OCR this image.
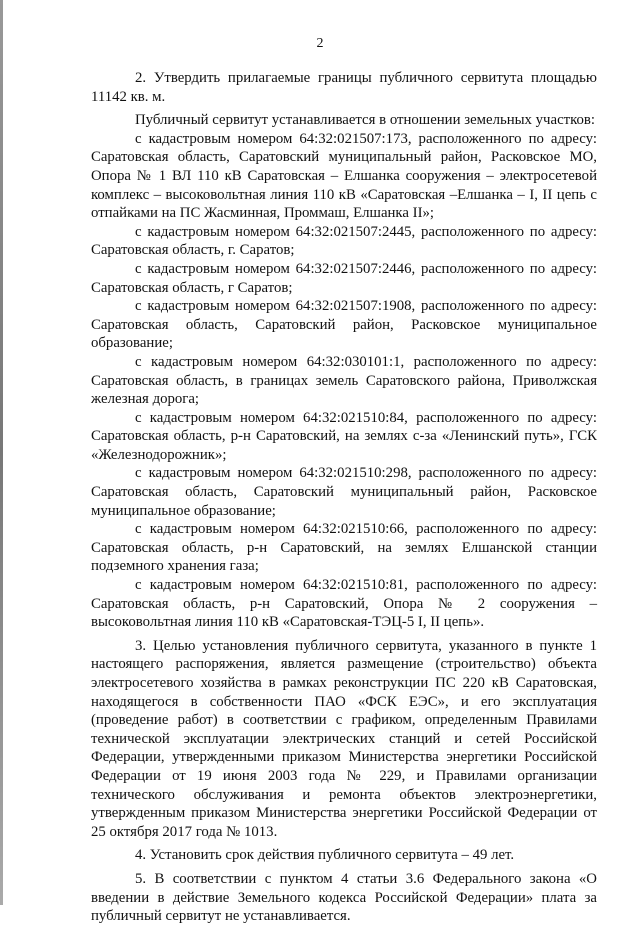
2

2. Утвердить прилагаемые границы публичного сервитута площадью 11142 кв. м.

Публичный сервитут устанавливается в отношении земельных участков:

с кадастровым номером 64:32:021507:173, расположенного по адресу: Саратовская область, Саратовский муниципальный район, Расковское МО, Опора № 1 ВЛ 110 кВ Саратовская – Елшанка сооружения – электросетевой комплекс – высоковольтная линия 110 кВ «Саратовская –Елшанка – I, II цепь с отпайками на ПС Жасминная, Проммаш, Елшанка II»;

с кадастровым номером 64:32:021507:2445, расположенного по адресу: Саратовская область, г. Саратов;

с кадастровым номером 64:32:021507:2446, расположенного по адресу: Саратовская область, г Саратов;

с кадастровым номером 64:32:021507:1908, расположенного по адресу: Саратовская область, Саратовский район, Расковское муниципальное образование;

с кадастровым номером 64:32:030101:1, расположенного по адресу: Саратовская область, в границах земель Саратовского района, Приволжская железная дорога;

с кадастровым номером 64:32:021510:84, расположенного по адресу: Саратовская область, р-н Саратовский, на землях с-за «Ленинский путь», ГСК «Железнодорожник»;

с кадастровым номером 64:32:021510:298, расположенного по адресу: Саратовская область, Саратовский муниципальный район, Расковское муниципальное образование;

с кадастровым номером 64:32:021510:66, расположенного по адресу: Саратовская область, р-н Саратовский, на землях Елшанской станции подземного хранения газа;

с кадастровым номером 64:32:021510:81, расположенного по адресу: Саратовская область, р-н Саратовский, Опора № 2 сооружения – высоковольтная линия 110 кВ «Саратовская-ТЭЦ-5 I, II цепь».

3. Целью установления публичного сервитута, указанного в пункте 1 настоящего распоряжения, является размещение (строительство) объекта электросетевого хозяйства в рамках реконструкции ПС 220 кВ Саратовская, находящегося в собственности ПАО «ФСК ЕЭС», и его эксплуатация (проведение работ) в соответствии с графиком, определенным Правилами технической эксплуатации электрических станций и сетей Российской Федерации, утвержденными приказом Министерства энергетики Российской Федерации от 19 июня 2003 года № 229, и Правилами организации технического обслуживания и ремонта объектов электроэнергетики, утвержденным приказом Министерства энергетики Российской Федерации от 25 октября 2017 года № 1013.

4. Установить срок действия публичного сервитута – 49 лет.

5. В соответствии с пунктом 4 статьи 3.6 Федерального закона «О введении в действие Земельного кодекса Российской Федерации» плата за публичный сервитут не устанавливается.
